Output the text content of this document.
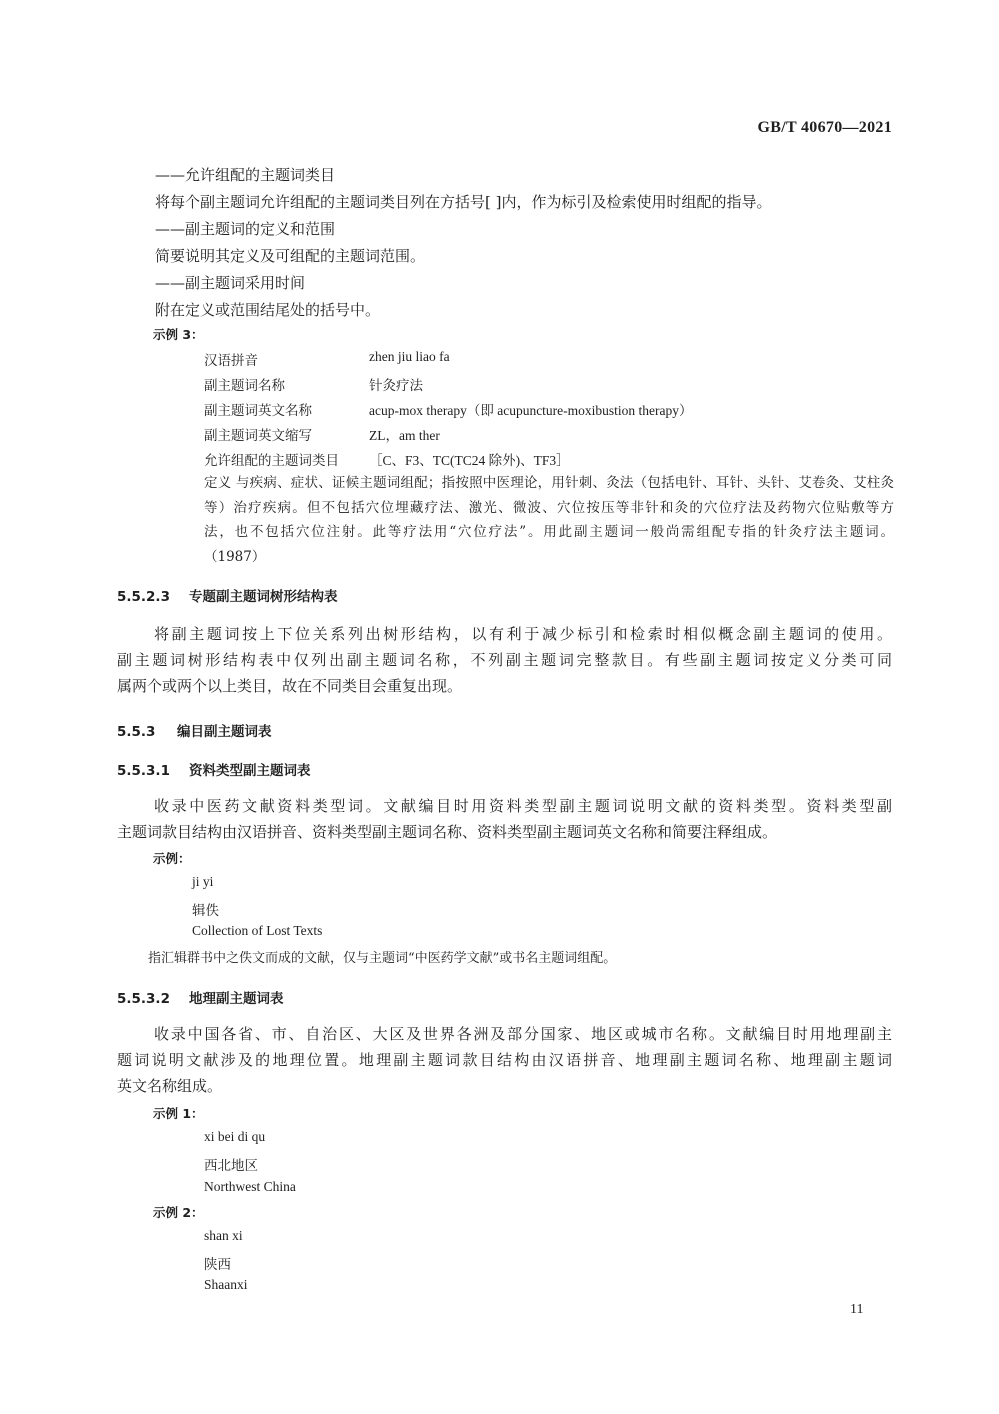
GB/T 40670—2021
——允许组配的主题词类目
将每个副主题词允许组配的主题词类目列在方括号[ ]内，作为标引及检索使用时组配的指导。
——副主题词的定义和范围
简要说明其定义及可组配的主题词范围。
——副主题词采用时间
附在定义或范围结尾处的括号中。
示例 3：
汉语拼音	zhen jiu liao fa
副主题词名称	针灸疗法
副主题词英文名称	acup-mox therapy（即 acupuncture-moxibustion therapy）
副主题词英文缩写	ZL，am ther
允许组配的主题词类目 ［C、F3、TC(TC24 除外)、TF3］
定义 与疾病、症状、证候主题词组配；指按照中医理论，用针刺、灸法（包括电针、耳针、头针、艾卷灸、艾柱灸
等）治疗疾病。但不包括穴位埋藏疗法、激光、微波、穴位按压等非针和灸的穴位疗法及药物穴位贴敷等方
法，也不包括穴位注射。此等疗法用“穴位疗法”。用此副主题词一般尚需组配专指的针灸疗法主题词。
（1987）
5.5.2.3 专题副主题词树形结构表
将副主题词按上下位关系列出树形结构，以有利于减少标引和检索时相似概念副主题词的使用。
副主题词树形结构表中仅列出副主题词名称，不列副主题词完整款目。有些副主题词按定义分类可同
属两个或两个以上类目，故在不同类目会重复出现。
5.5.3 编目副主题词表
5.5.3.1 资料类型副主题词表
收录中医药文献资料类型词。文献编目时用资料类型副主题词说明文献的资料类型。资料类型副
主题词款目结构由汉语拼音、资料类型副主题词名称、资料类型副主题词英文名称和简要注释组成。
示例：
ji yi
辑佚
Collection of Lost Texts
指汇辑群书中之佚文而成的文献，仅与主题词“中医药学文献”或书名主题词组配。
5.5.3.2 地理副主题词表
收录中国各省、市、自治区、大区及世界各洲及部分国家、地区或城市名称。文献编目时用地理副主
题词说明文献涉及的地理位置。地理副主题词款目结构由汉语拼音、地理副主题词名称、地理副主题词
英文名称组成。
示例 1：
xi bei di qu
西北地区
Northwest China
示例 2：
shan xi
陕西
Shaanxi
11
